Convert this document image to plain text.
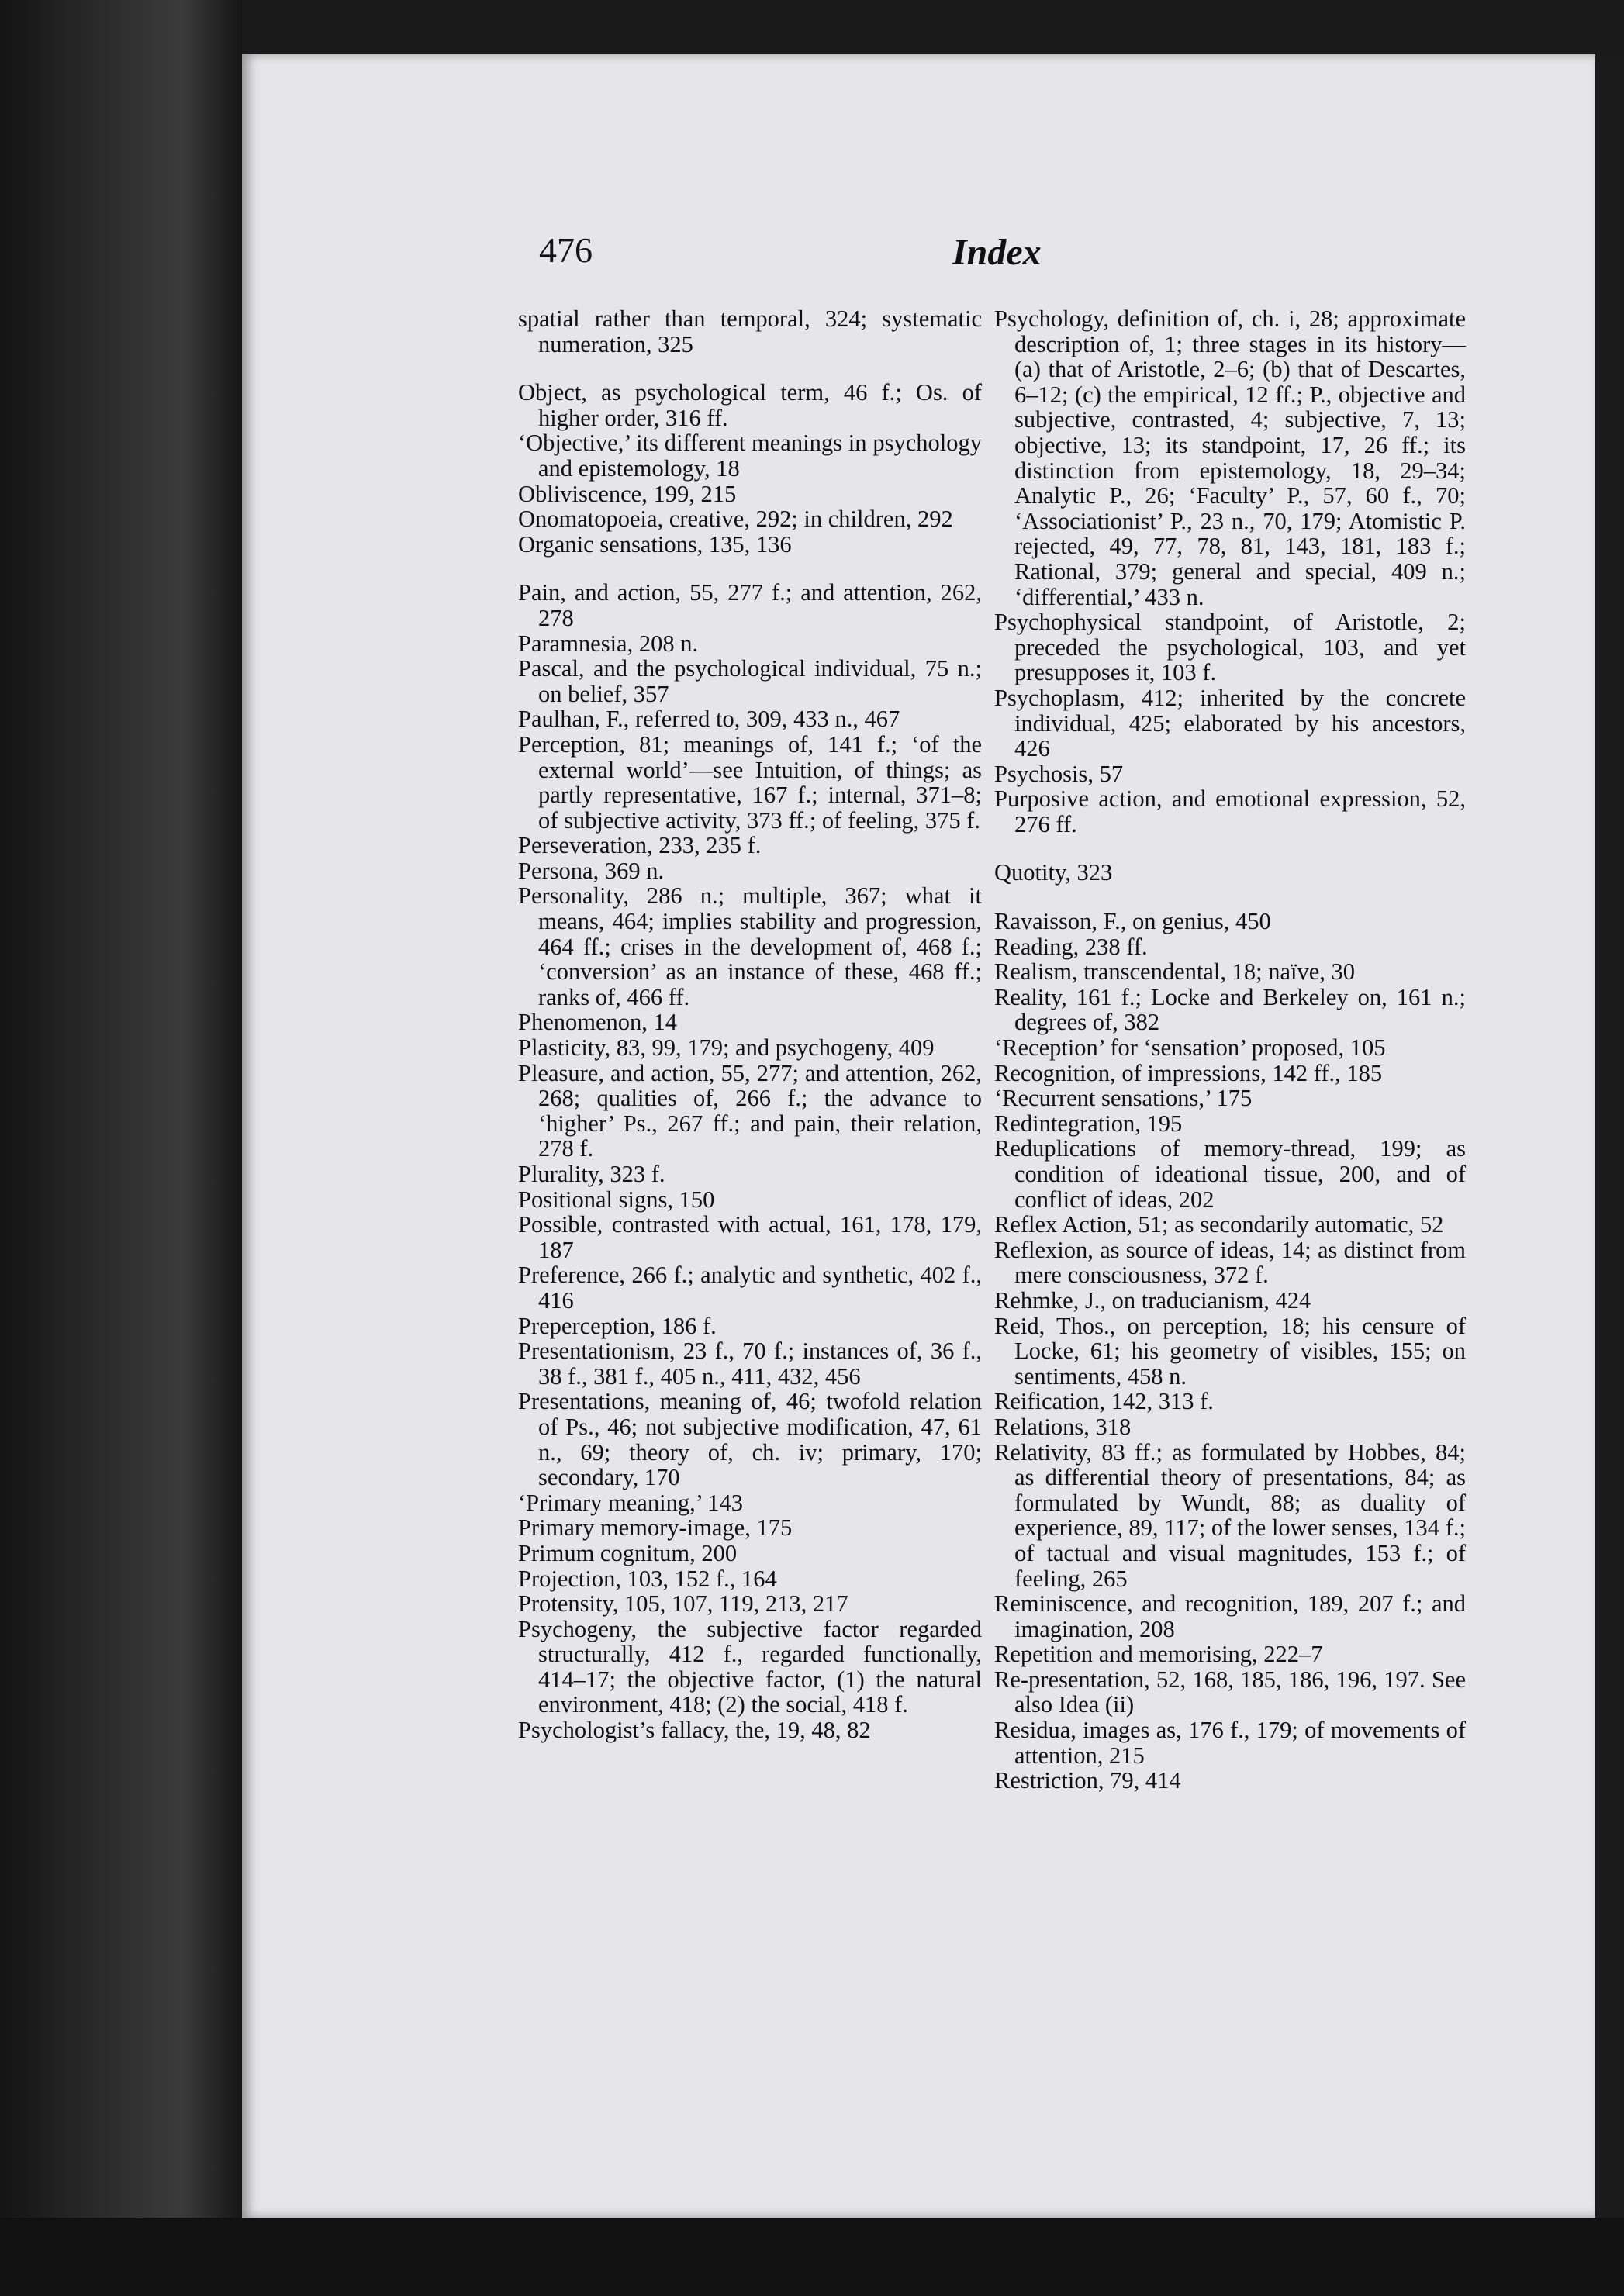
476	Index

spatial rather than temporal, 324; systematic numeration, 325

Object, as psychological term, 46 f.; Os. of higher order, 316 ff.

‘Objective,’ its different meanings in psychology and epistemology, 18

Obliviscence, 199, 215

Onomatopoeia, creative, 292; in children, 292

Organic sensations, 135, 136

Pain, and action, 55, 277 f.; and attention, 262, 278

Paramnesia, 208 n.

Pascal, and the psychological individual, 75 n.; on belief, 357

Paulhan, F., referred to, 309, 433 n., 467

Perception, 81; meanings of, 141 f.; ‘of the external world’—see Intuition, of things; as partly representative, 167 f.; internal, 371–8; of subjective activity, 373 ff.; of feeling, 375 f.

Perseveration, 233, 235 f.

Persona, 369 n.

Personality, 286 n.; multiple, 367; what it means, 464; implies stability and progression, 464 ff.; crises in the development of, 468 f.; ‘conversion’ as an instance of these, 468 ff.; ranks of, 466 ff.

Phenomenon, 14

Plasticity, 83, 99, 179; and psychogeny, 409

Pleasure, and action, 55, 277; and attention, 262, 268; qualities of, 266 f.; the advance to ‘higher’ Ps., 267 ff.; and pain, their relation, 278 f.

Plurality, 323 f.

Positional signs, 150

Possible, contrasted with actual, 161, 178, 179, 187

Preference, 266 f.; analytic and synthetic, 402 f., 416

Preperception, 186 f.

Presentationism, 23 f., 70 f.; instances of, 36 f., 38 f., 381 f., 405 n., 411, 432, 456

Presentations, meaning of, 46; twofold relation of Ps., 46; not subjective modification, 47, 61 n., 69; theory of, ch. iv; primary, 170; secondary, 170

‘Primary meaning,’ 143

Primary memory-image, 175

Primum cognitum, 200

Projection, 103, 152 f., 164

Protensity, 105, 107, 119, 213, 217

Psychogeny, the subjective factor regarded structurally, 412 f., regarded functionally, 414–17; the objective factor, (1) the natural environment, 418; (2) the social, 418 f.

Psychologist’s fallacy, the, 19, 48, 82

Psychology, definition of, ch. i, 28; approximate description of, 1; three stages in its history—(a) that of Aristotle, 2–6; (b) that of Descartes, 6–12; (c) the empirical, 12 ff.; P., objective and subjective, contrasted, 4; subjective, 7, 13; objective, 13; its standpoint, 17, 26 ff.; its distinction from epistemology, 18, 29–34; Analytic P., 26; ‘Faculty’ P., 57, 60 f., 70; ‘Associationist’ P., 23 n., 70, 179; Atomistic P. rejected, 49, 77, 78, 81, 143, 181, 183 f.; Rational, 379; general and special, 409 n.; ‘differential,’ 433 n.

Psychophysical standpoint, of Aristotle, 2; preceded the psychological, 103, and yet presupposes it, 103 f.

Psychoplasm, 412; inherited by the concrete individual, 425; elaborated by his ancestors, 426

Psychosis, 57

Purposive action, and emotional expression, 52, 276 ff.

Quotity, 323

Ravaisson, F., on genius, 450

Reading, 238 ff.

Realism, transcendental, 18; naïve, 30

Reality, 161 f.; Locke and Berkeley on, 161 n.; degrees of, 382

‘Reception’ for ‘sensation’ proposed, 105

Recognition, of impressions, 142 ff., 185

‘Recurrent sensations,’ 175

Redintegration, 195

Reduplications of memory-thread, 199; as condition of ideational tissue, 200, and of conflict of ideas, 202

Reflex Action, 51; as secondarily automatic, 52

Reflexion, as source of ideas, 14; as distinct from mere consciousness, 372 f.

Rehmke, J., on traducianism, 424

Reid, Thos., on perception, 18; his censure of Locke, 61; his geometry of visibles, 155; on sentiments, 458 n.

Reification, 142, 313 f.

Relations, 318

Relativity, 83 ff.; as formulated by Hobbes, 84; as differential theory of presentations, 84; as formulated by Wundt, 88; as duality of experience, 89, 117; of the lower senses, 134 f.; of tactual and visual magnitudes, 153 f.; of feeling, 265

Reminiscence, and recognition, 189, 207 f.; and imagination, 208

Repetition and memorising, 222–7

Re-presentation, 52, 168, 185, 186, 196, 197. See also Idea (ii)

Residua, images as, 176 f., 179; of movements of attention, 215

Restriction, 79, 414
